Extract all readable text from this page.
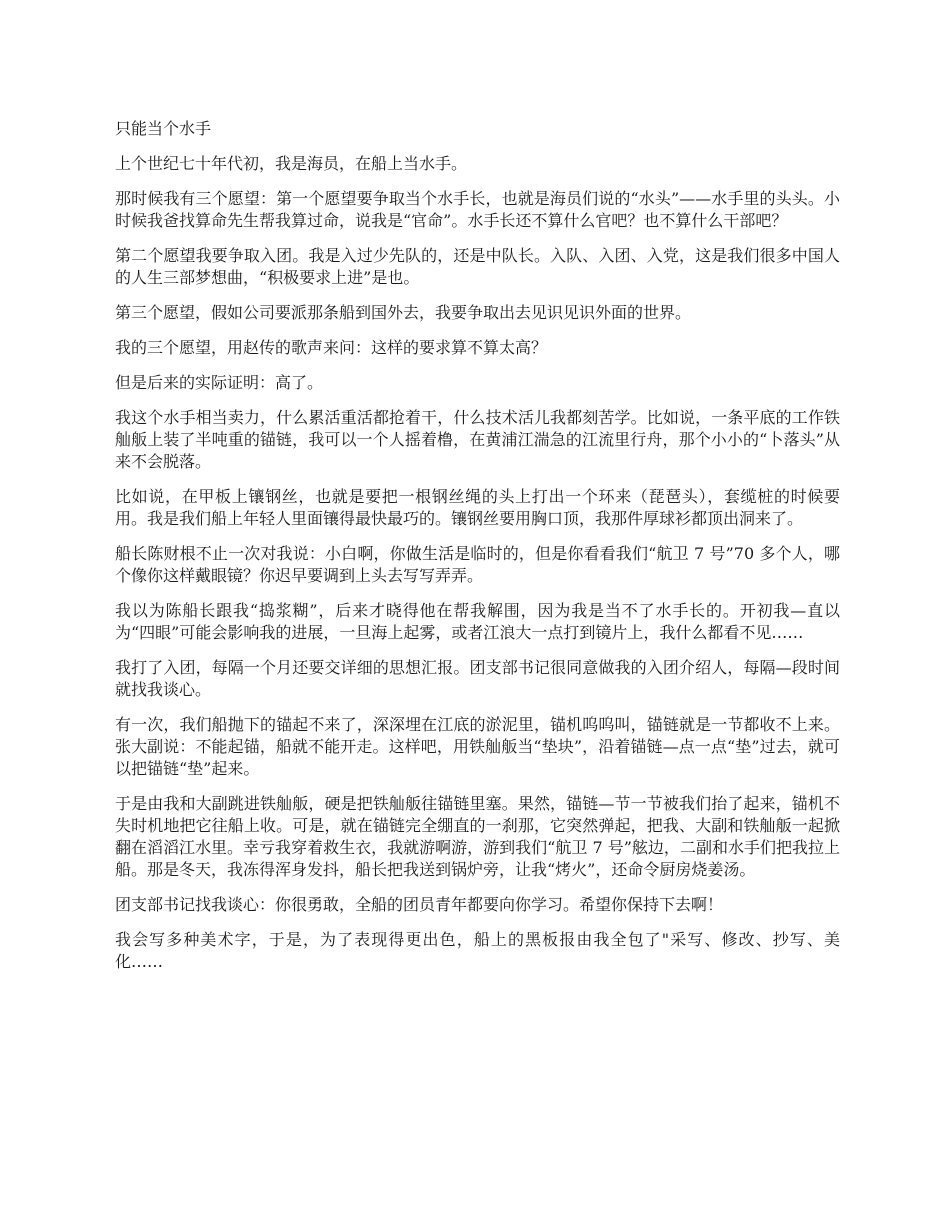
只能当个水手

上个世纪七十年代初，我是海员，在船上当水手。

那时候我有三个愿望：第一个愿望要争取当个水手长，也就是海员们说的“水头”——水手里的头头。小时候我爸找算命先生帮我算过命，说我是“官命”。水手长还不算什么官吧？也不算什么干部吧？

第二个愿望我要争取入团。我是入过少先队的，还是中队长。入队、入团、入党，这是我们很多中国人的人生三部梦想曲，“积极要求上进”是也。

第三个愿望，假如公司要派那条船到国外去，我要争取出去见识见识外面的世界。

我的三个愿望，用赵传的歌声来问：这样的要求算不算太高？

但是后来的实际证明：高了。

我这个水手相当卖力，什么累活重活都抢着干，什么技术活儿我都刻苦学。比如说，一条平底的工作铁舢舨上装了半吨重的锚链，我可以一个人摇着橹，在黄浦江湍急的江流里行舟，那个小小的“卜落头”从来不会脱落。

比如说，在甲板上镶钢丝，也就是要把一根钢丝绳的头上打出一个环来（琵琶头），套缆桩的时候要用。我是我们船上年轻人里面镶得最快最巧的。镶钢丝要用胸口顶，我那件厚球衫都顶出洞来了。

船长陈财根不止一次对我说：小白啊，你做生活是临时的，但是你看看我们“航卫 7 号”70 多个人，哪个像你这样戴眼镜？你迟早要调到上头去写写弄弄。

我以为陈船长跟我“捣浆糊”，后来才晓得他在帮我解围，因为我是当不了水手长的。开初我—直以为“四眼”可能会影响我的进展，一旦海上起雾，或者江浪大一点打到镜片上，我什么都看不见……

我打了入团，每隔一个月还要交详细的思想汇报。团支部书记很同意做我的入团介绍人，每隔—段时间就找我谈心。

有一次，我们船抛下的锚起不来了，深深埋在江底的淤泥里，锚机呜呜叫，锚链就是一节都收不上来。张大副说：不能起锚，船就不能开走。这样吧，用铁舢舨当“垫块”，沿着锚链—点一点“垫”过去，就可以把锚链“垫”起来。

于是由我和大副跳进铁舢舨，硬是把铁舢舨往锚链里塞。果然，锚链—节一节被我们抬了起来，锚机不失时机地把它往船上收。可是，就在锚链完全绷直的一刹那，它突然弹起，把我、大副和铁舢舨一起掀翻在滔滔江水里。幸亏我穿着救生衣，我就游啊游，游到我们“航卫 7 号”舷边，二副和水手们把我拉上船。那是冬天，我冻得浑身发抖，船长把我送到锅炉旁，让我“烤火”，还命令厨房烧姜汤。

团支部书记找我谈心：你很勇敢，全船的团员青年都要向你学习。希望你保持下去啊！

我会写多种美术字，于是，为了表现得更出色，船上的黑板报由我全包了"采写、修改、抄写、美化……
